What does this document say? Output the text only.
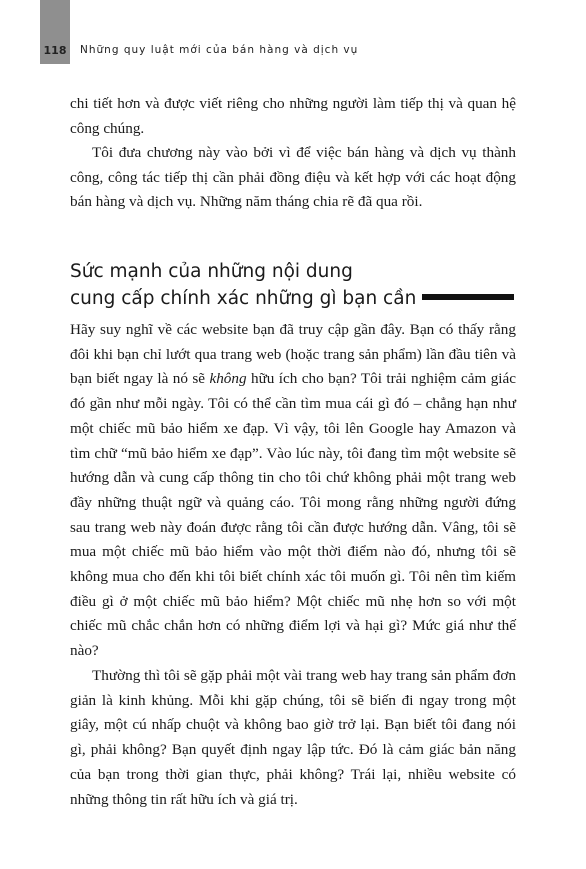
118	Những quy luật mới của bán hàng và dịch vụ

chi tiết hơn và được viết riêng cho những người làm tiếp thị và quan hệ công chúng.

Tôi đưa chương này vào bởi vì để việc bán hàng và dịch vụ thành công, công tác tiếp thị cần phải đồng điệu và kết hợp với các hoạt động bán hàng và dịch vụ. Những năm tháng chia rẽ đã qua rồi.

Sức mạnh của những nội dung
cung cấp chính xác những gì bạn cần

Hãy suy nghĩ về các website bạn đã truy cập gần đây. Bạn có thấy rằng đôi khi bạn chỉ lướt qua trang web (hoặc trang sản phẩm) lần đầu tiên và bạn biết ngay là nó sẽ không hữu ích cho bạn? Tôi trải nghiệm cảm giác đó gần như mỗi ngày. Tôi có thể cần tìm mua cái gì đó – chẳng hạn như một chiếc mũ bảo hiểm xe đạp. Vì vậy, tôi lên Google hay Amazon và tìm chữ “mũ bảo hiểm xe đạp”. Vào lúc này, tôi đang tìm một website sẽ hướng dẫn và cung cấp thông tin cho tôi chứ không phải một trang web đầy những thuật ngữ và quảng cáo. Tôi mong rằng những người đứng sau trang web này đoán được rằng tôi cần được hướng dẫn. Vâng, tôi sẽ mua một chiếc mũ bảo hiểm vào một thời điểm nào đó, nhưng tôi sẽ không mua cho đến khi tôi biết chính xác tôi muốn gì. Tôi nên tìm kiếm điều gì ở một chiếc mũ bảo hiểm? Một chiếc mũ nhẹ hơn so với một chiếc mũ chắc chắn hơn có những điểm lợi và hại gì? Mức giá như thế nào?

Thường thì tôi sẽ gặp phải một vài trang web hay trang sản phẩm đơn giản là kinh khủng. Mỗi khi gặp chúng, tôi sẽ biến đi ngay trong một giây, một cú nhấp chuột và không bao giờ trở lại. Bạn biết tôi đang nói gì, phải không? Bạn quyết định ngay lập tức. Đó là cảm giác bản năng của bạn trong thời gian thực, phải không? Trái lại, nhiều website có những thông tin rất hữu ích và giá trị.
